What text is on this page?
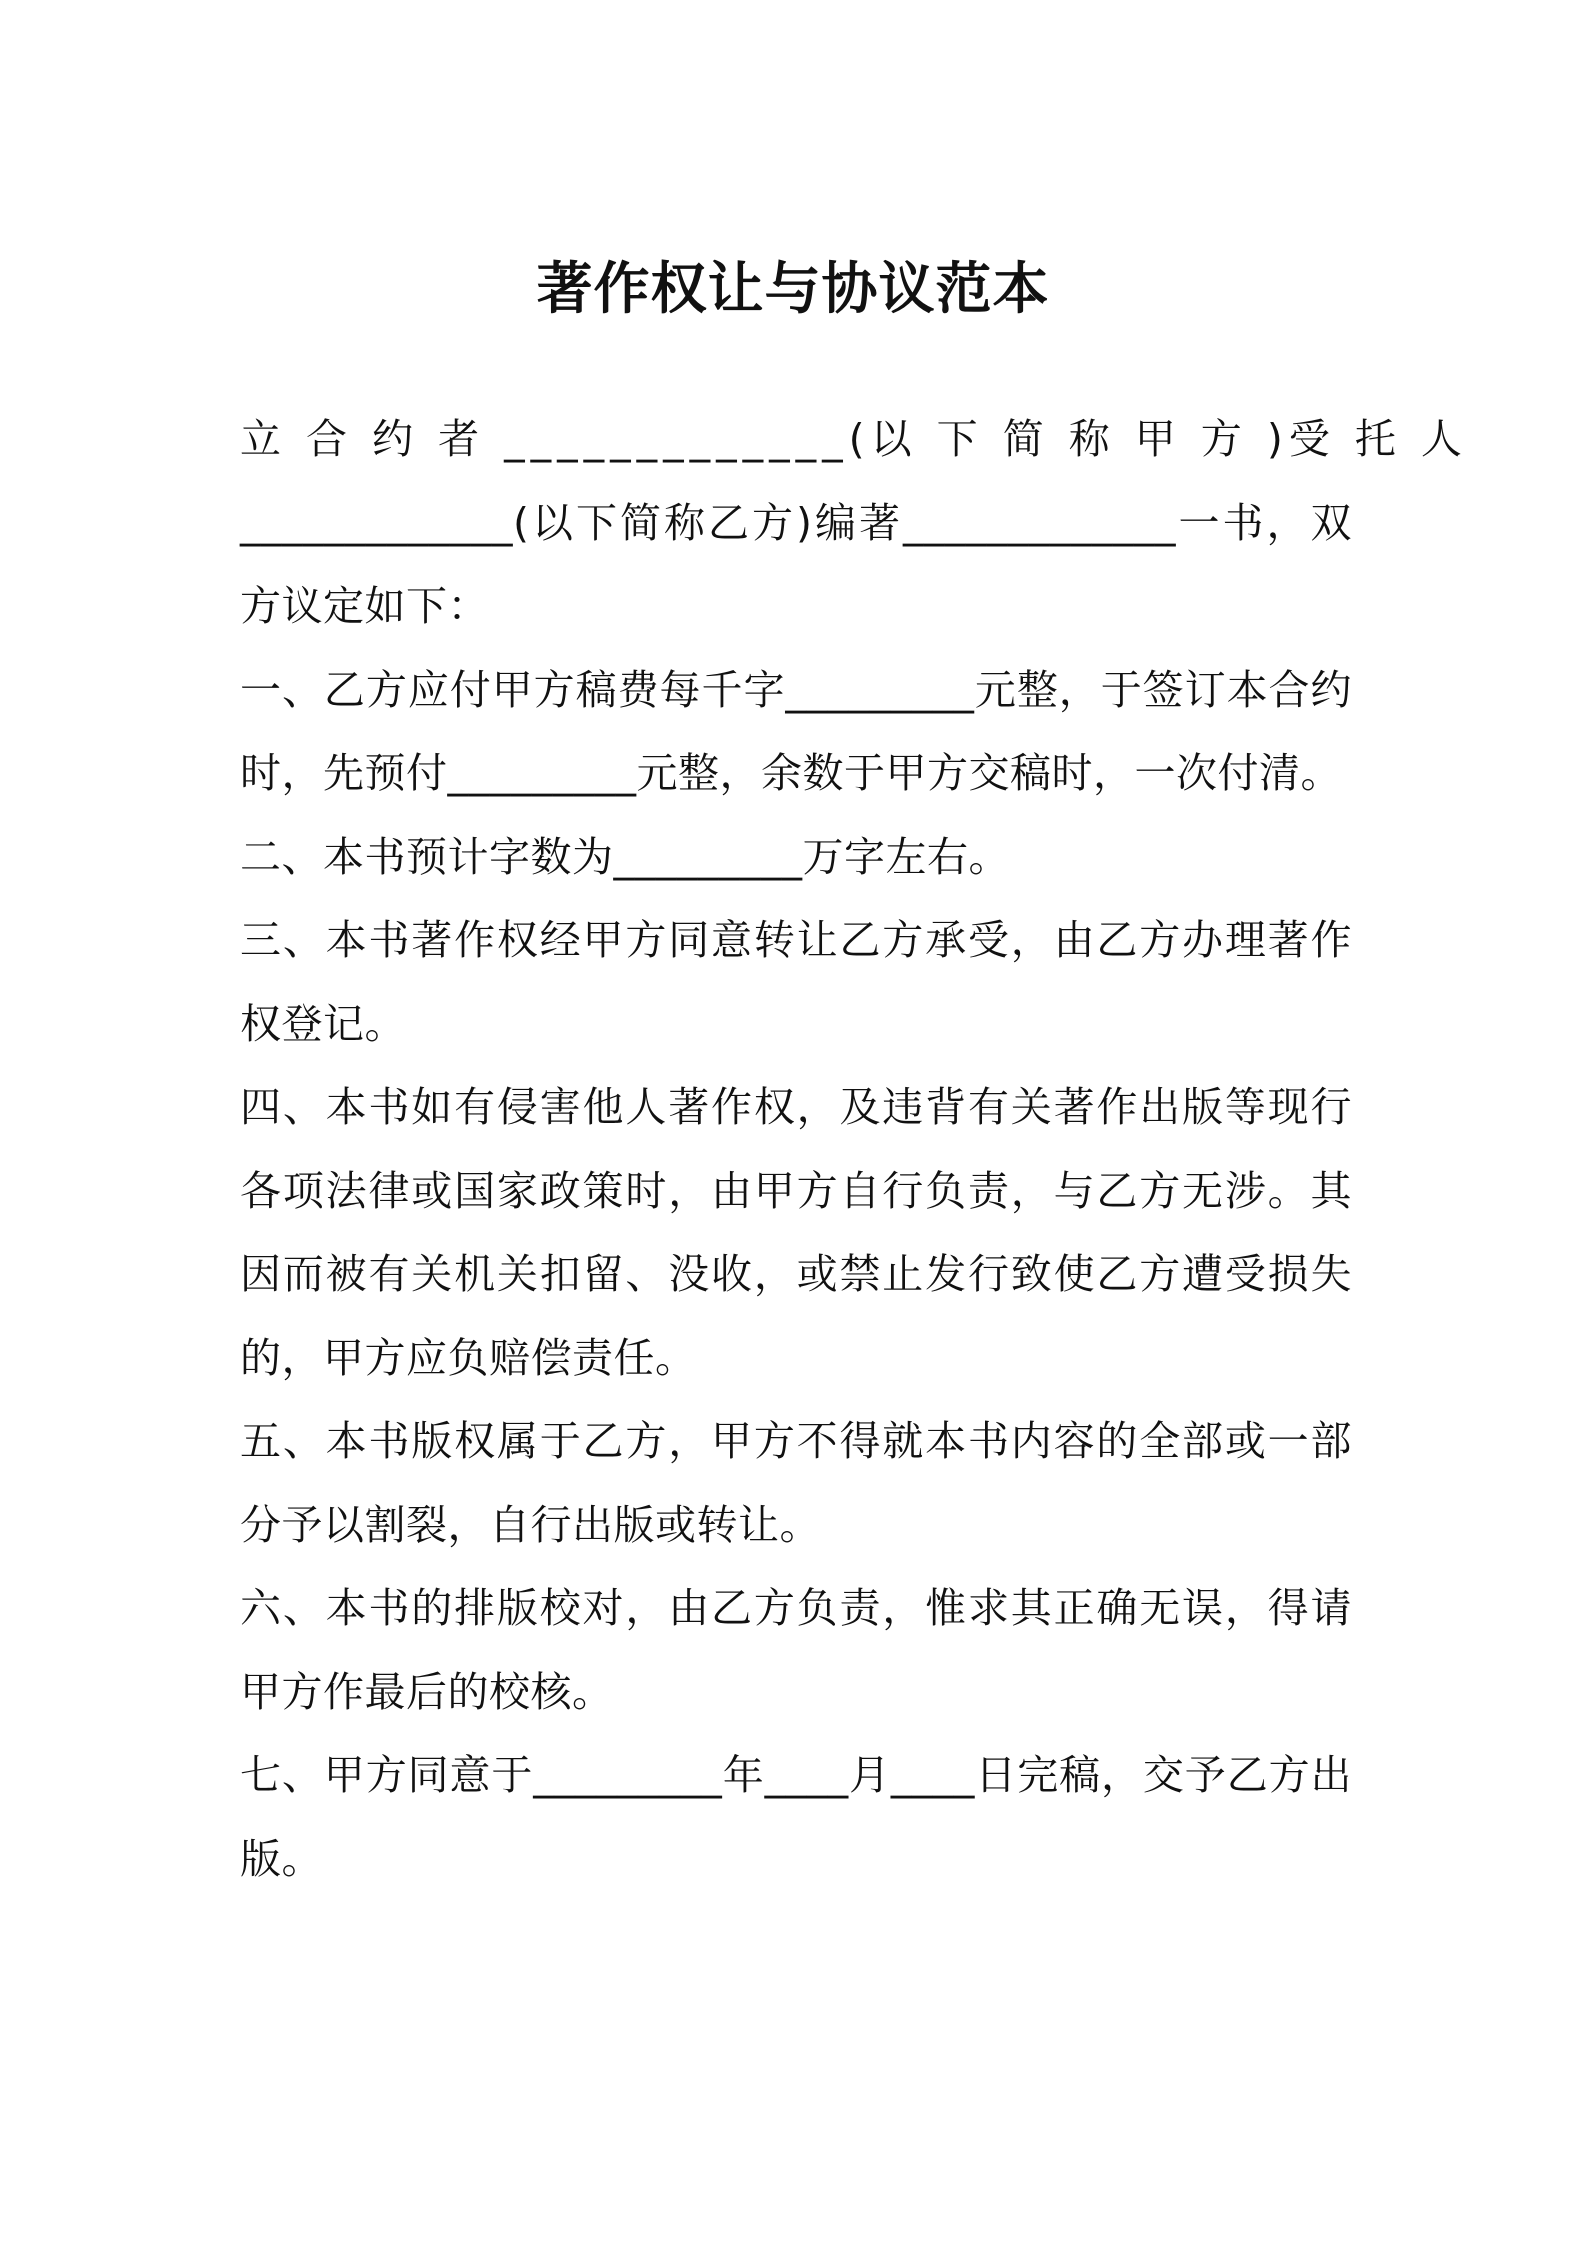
著作权让与协议范本

立 合 约 者 _____________(以 下 简 称 甲 方 )受 托 人
_____________(以下简称乙方)编著_____________一书，双方议定如下：

一、乙方应付甲方稿费每千字_________元整，于签订本合约时，先预付_________元整，余数于甲方交稿时，一次付清。

二、本书预计字数为_________万字左右。

三、本书著作权经甲方同意转让乙方承受，由乙方办理著作权登记。

四、本书如有侵害他人著作权，及违背有关著作出版等现行各项法律或国家政策时，由甲方自行负责，与乙方无涉。其因而被有关机关扣留、没收，或禁止发行致使乙方遭受损失的，甲方应负赔偿责任。

五、本书版权属于乙方，甲方不得就本书内容的全部或一部分予以割裂，自行出版或转让。

六、本书的排版校对，由乙方负责，惟求其正确无误，得请甲方作最后的校核。

七、甲方同意于_________年____月____日完稿，交予乙方出版。
